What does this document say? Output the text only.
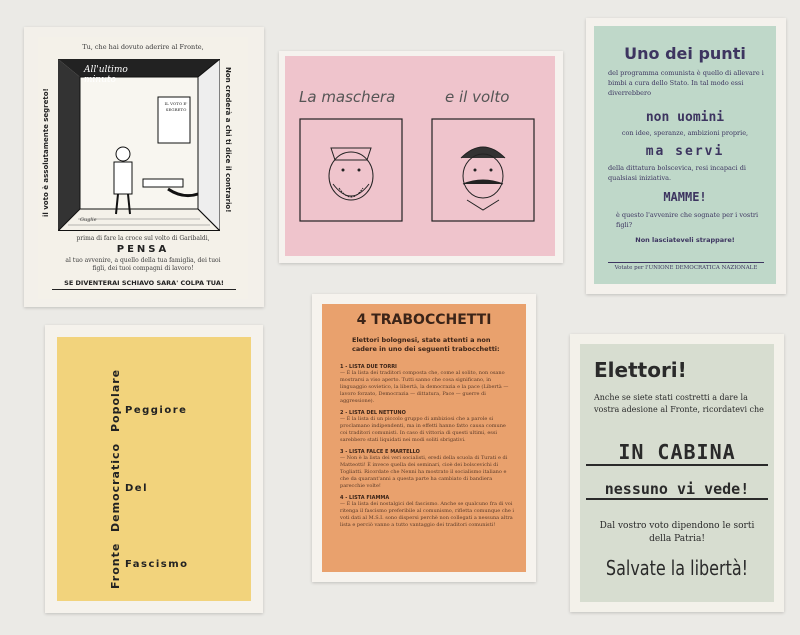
Tu, che hai dovuto aderire al Fronte,
il voto è assolutamente segreto!	Non crederà a chi ti dice il contrario!
All'ultimo minuto
IL VOTO E' SEGRETO
Guglie
prima di fare la croce sul volto di Garibaldi,
PENSA
al tuo avvenire, a quello della tua famiglia, dei tuoi figli, dei tuoi compagni di lavoro!
SE DIVENTERAI SCHIAVO SARA' COLPA TUA!
La maschera	e il volto
Uno dei punti
del programma comunista è quello di allevare i bimbi a cura dello Stato. In tal modo essi diverrebbero
non uomini
con idee, speranze, ambizioni proprie,
ma servi
della dittatura bolscevica, resi incapaci di qualsiasi iniziativa.
MAMME!
è questo l'avvenire che sognate per i vostri figli?
Non lasciateveli strappare!
Votate per l'UNIONE DEMOCRATICA NAZIONALE
Fronte Democratico Popolare Peggiore
Del
Fascismo
4 TRABOCCHETTI
Elettori bolognesi, state attenti a non cadere in uno dei seguenti trabocchetti:
1 - LISTA DUE TORRI
— È la lista dei traditori composta che, come al solito, non osano mostrarsi a viso aperto. Tutti sanno che cosa significano, in linguaggio sovietico, la libertà, la democrazia e la pace (Libertà — lavoro forzato, Democrazia — dittatura, Pace — guerre di aggressione).
2 - LISTA DEL NETTUNO
— È la lista di un piccolo gruppo di ambiziosi che a parole si proclamano indipendenti, ma in effetti hanno fatto causa comune coi traditori comunisti. In caso di vittoria di questi ultimi, essi sarebbero stati liquidati nei modi soliti sbrigativi.
3 - LISTA FALCE E MARTELLO
— Non è la lista dei veri socialisti, eredi della scuola di Turati e di Matteotti! È invece quella dei seminari, cioè dei bolscevichi di Togliatti. Ricordate che Nenni ha mostrato il socialismo italiano e che da quarant'anni a questa parte ha cambiato di bandiera parecchie volte!
4 - LISTA FIAMMA
— È la lista dei nostalgici del fascismo. Anche se qualcuno fra di voi ritenga il fascismo preferibile al comunismo, rifletta comunque che i voti dati al M.S.I. sono dispersi perchè non collegati a nessuna altra lista e perciò vanno a tutto vantaggio dei traditori comunisti!
Elettori!
Anche se siete stati costretti a dare la vostra adesione al Fronte, ricordatevi che
IN CABINA
nessuno vi vede!
Dal vostro voto dipendono le sorti della Patria!
Salvate la libertà!
